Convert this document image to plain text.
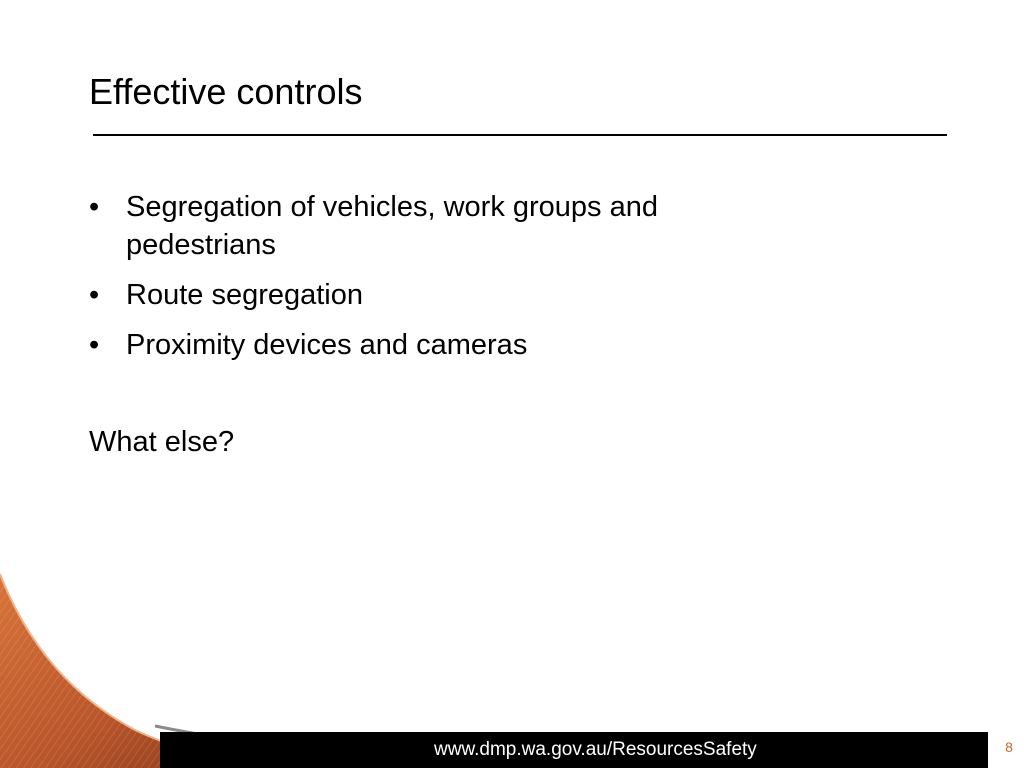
Effective controls
• Segregation of vehicles, work groups and pedestrians
• Route segregation
• Proximity devices and cameras

What else?

www.dmp.wa.gov.au/ResourcesSafety	8
